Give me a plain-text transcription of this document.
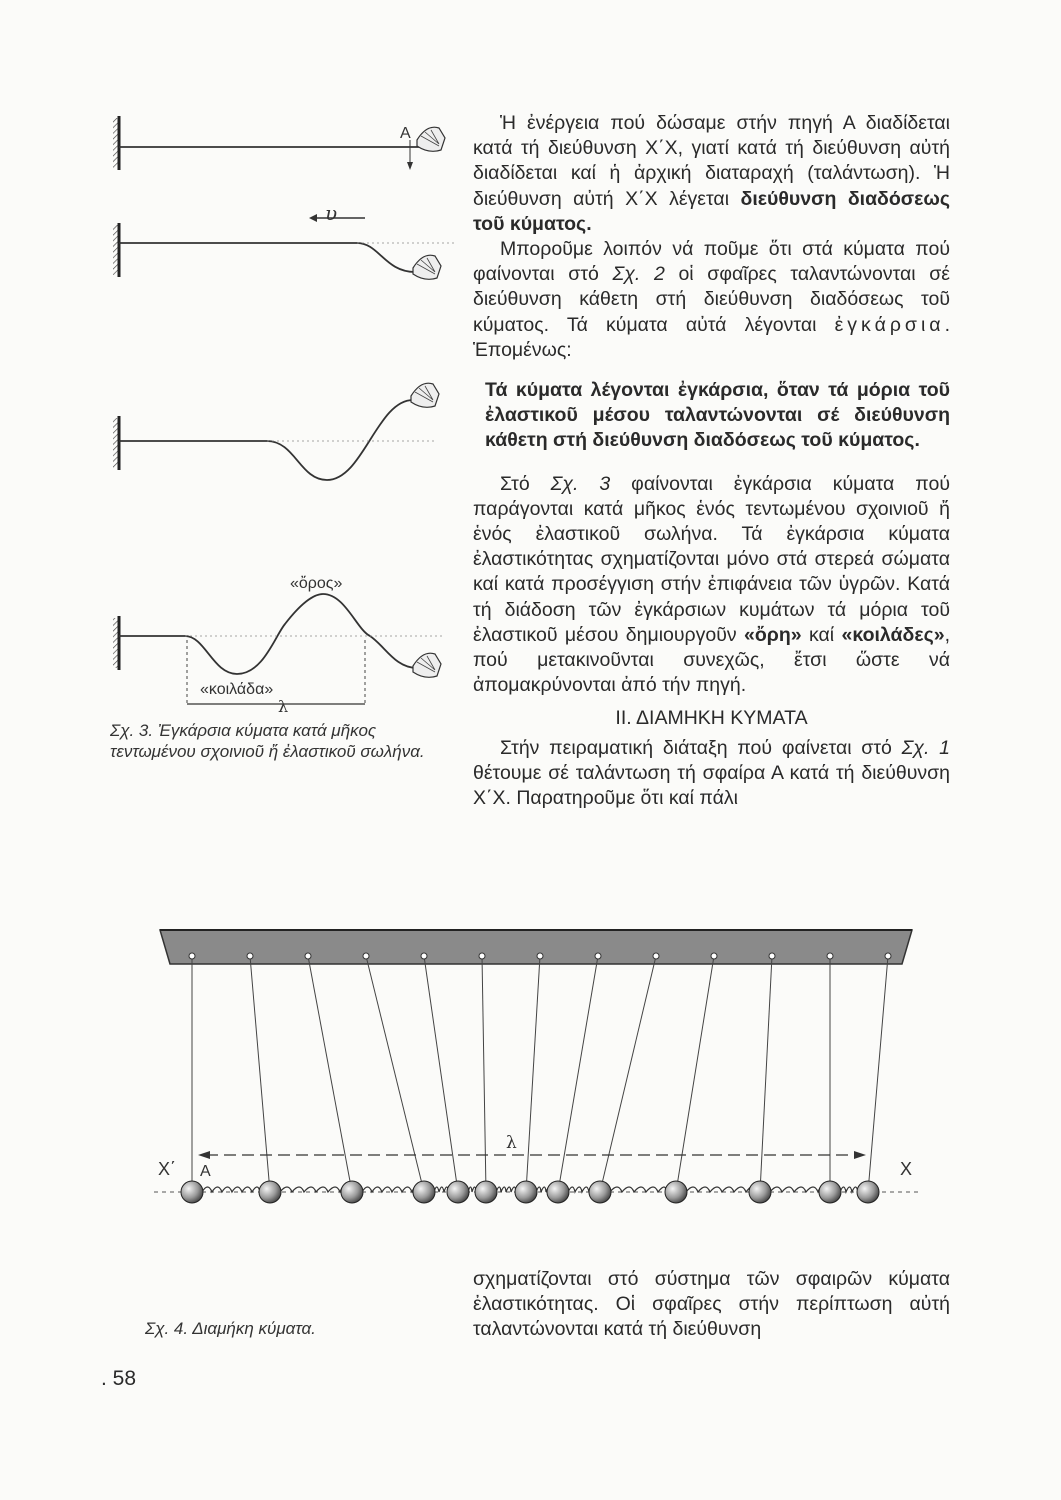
Α
υ
«ὄρος»
«κοιλάδα»
λ
Σχ. 3. Ἐγκάρσια κύματα κατά μῆκος τεντωμένου σχοινιοῦ ἤ ἐλαστικοῦ σωλήνα.

Ἡ ἐνέργεια πού δώσαμε στήν πηγή Α διαδίδεται κατά τή διεύθυνση Χ΄Χ, γιατί κατά τή διεύθυνση αὐτή διαδίδεται καί ἡ ἀρχική διαταραχή (ταλάντωση). Ἡ διεύθυνση αὐτή Χ΄Χ λέγεται διεύθυνση διαδόσεως τοῦ κύματος.

Μποροῦμε λοιπόν νά ποῦμε ὅτι στά κύματα πού φαίνονται στό Σχ. 2 οἱ σφαῖρες ταλαντώνονται σέ διεύθυνση κάθετη στή διεύθυνση διαδόσεως τοῦ κύματος. Τά κύματα αὐτά λέγονται ἐγκάρσια. Ἑπομένως:

Τά κύματα λέγονται ἐγκάρσια, ὅταν τά μόρια τοῦ ἐλαστικοῦ μέσου ταλαντώνονται σέ διεύθυνση κάθετη στή διεύθυνση διαδόσεως τοῦ κύματος.

Στό Σχ. 3 φαίνονται ἐγκάρσια κύματα πού παράγονται κατά μῆκος ἑνός τεντωμένου σχοινιοῦ ἤ ἑνός ἐλαστικοῦ σωλήνα. Τά ἐγκάρσια κύματα ἐλαστικότητας σχηματίζονται μόνο στά στερεά σώματα καί κατά προσέγγιση στήν ἐπιφάνεια τῶν ὑγρῶν. Κατά τή διάδοση τῶν ἐγκάρσιων κυμάτων τά μόρια τοῦ ἐλαστικοῦ μέσου δημιουργοῦν «ὄρη» καί «κοιλάδες», πού μετακινοῦνται συνεχῶς, ἔτσι ὥστε νά ἀπομακρύνονται ἀπό τήν πηγή.

ΙΙ. ΔΙΑΜΗΚΗ ΚΥΜΑΤΑ

Στήν πειραματική διάταξη πού φαίνεται στό Σχ. 1 θέτουμε σέ ταλάντωση τή σφαίρα Α κατά τή διεύθυνση Χ΄Χ. Παρατηροῦμε ὅτι καί πάλι

λ
Χ΄	Χ
Α
Σχ. 4. Διαμήκη κύματα.

σχηματίζονται στό σύστημα τῶν σφαιρῶν κύματα ἐλαστικότητας. Οἱ σφαῖρες στήν περίπτωση αὐτή ταλαντώνονται κατά τή διεύθυνση

. 58
